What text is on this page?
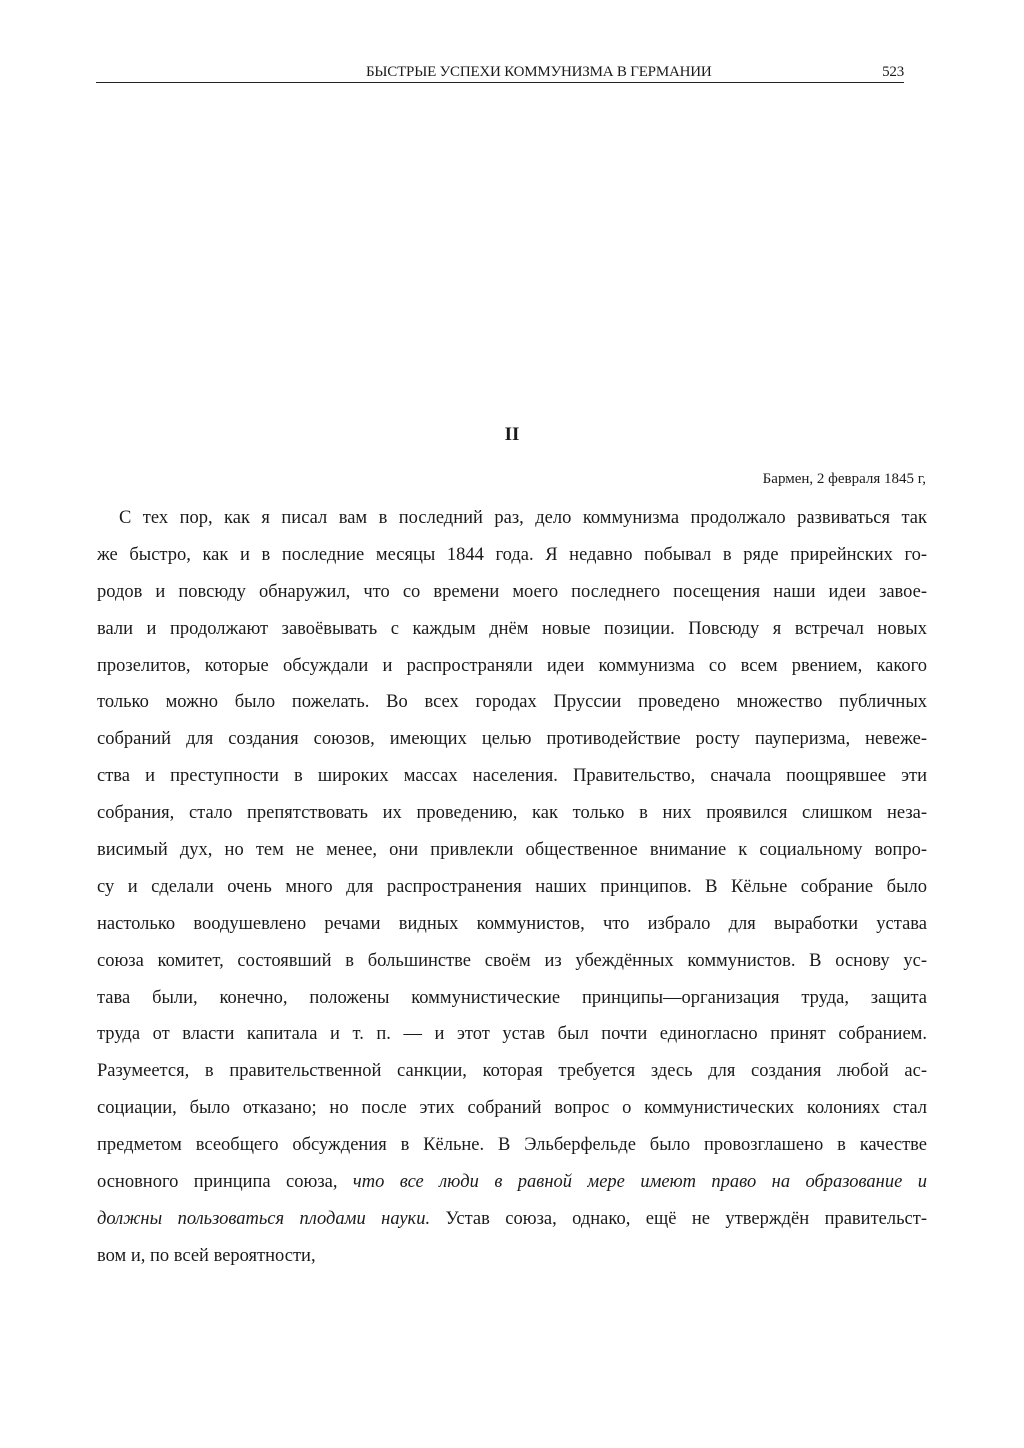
БЫСТРЫЕ УСПЕХИ КОММУНИЗМА В ГЕРМАНИИ	523
II
Бармен, 2 февраля 1845 г,
С тех пор, как я писал вам в последний раз, дело коммунизма продолжало развиваться так
же быстро, как и в последние месяцы 1844 года. Я недавно побывал в ряде прирейнских го-
родов и повсюду обнаружил, что со времени моего последнего посещения наши идеи завое-
вали и продолжают завоёвывать с каждым днём новые позиции. Повсюду я встречал новых
прозелитов, которые обсуждали и распространяли идеи коммунизма со всем рвением, какого
только можно было пожелать. Во всех городах Пруссии проведено множество публичных
собраний для создания союзов, имеющих целью противодействие росту пауперизма, невеже-
ства и преступности в широких массах населения. Правительство, сначала поощрявшее эти
собрания, стало препятствовать их проведению, как только в них проявился слишком неза-
висимый дух, но тем не менее, они привлекли общественное внимание к социальному вопро-
су и сделали очень много для распространения наших принципов. В Кёльне собрание было
настолько воодушевлено речами видных коммунистов, что избрало для выработки устава
союза комитет, состоявший в большинстве своём из убеждённых коммунистов. В основу ус-
тава были, конечно, положены коммунистические принципы—организация труда, защита
труда от власти капитала и т. п. — и этот устав был почти единогласно принят собранием.
Разумеется, в правительственной санкции, которая требуется здесь для создания любой ас-
социации, было отказано; но после этих собраний вопрос о коммунистических колониях стал
предметом всеобщего обсуждения в Кёльне. В Эльберфельде было провозглашено в качестве
основного принципа союза, что все люди в равной мере имеют право на образование и
должны пользоваться плодами науки. Устав союза, однако, ещё не утверждён правительст-
вом и, по всей вероятности,
